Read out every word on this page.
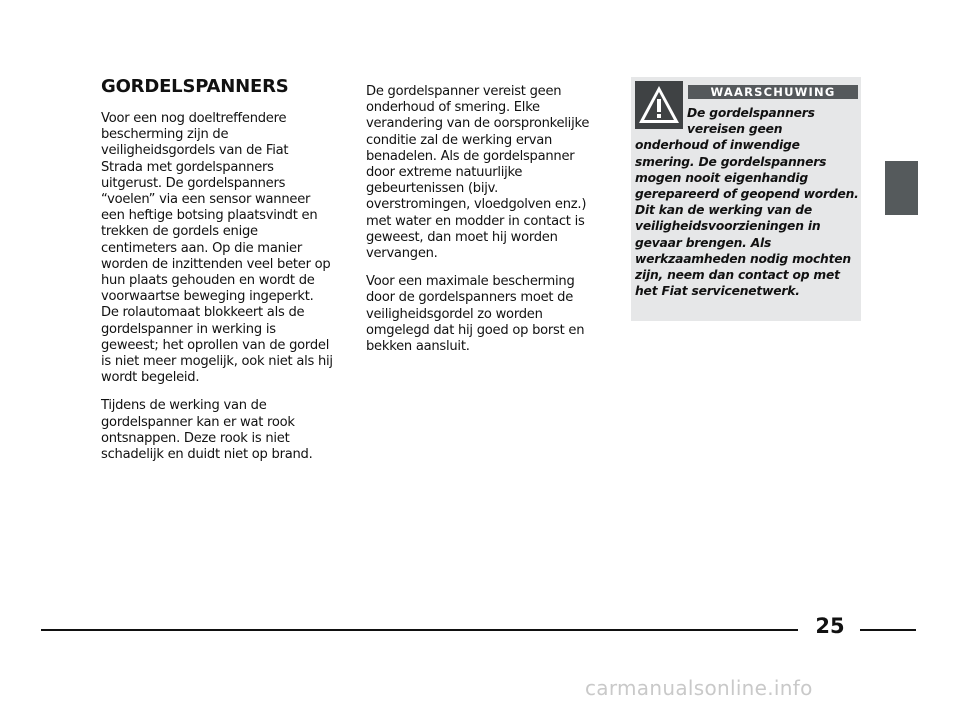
GORDELSPANNERS

Voor een nog doeltreffendere bescherming zijn de veiligheidsgordels van de Fiat Strada met gordelspanners uitgerust. De gordelspanners “voelen” via een sensor wanneer een heftige botsing plaatsvindt en trekken de gordels enige centimeters aan. Op die manier worden de inzittenden veel beter op hun plaats gehouden en wordt de voorwaartse beweging ingeperkt. De rolautomaat blokkeert als de gordelspanner in werking is geweest; het oprollen van de gordel is niet meer mogelijk, ook niet als hij wordt begeleid.

Tijdens de werking van de gordelspanner kan er wat rook ontsnappen. Deze rook is niet schadelijk en duidt niet op brand.

De gordelspanner vereist geen onderhoud of smering. Elke verandering van de oorspronkelijke conditie zal de werking ervan benadelen. Als de gordelspanner door extreme natuurlijke gebeurtenissen (bijv. overstromingen, vloedgolven enz.) met water en modder in contact is geweest, dan moet hij worden vervangen.

Voor een maximale bescherming door de gordelspanners moet de veiligheidsgordel zo worden omgelegd dat hij goed op borst en bekken aansluit.

WAARSCHUWING
De gordelspanners vereisen geen onderhoud of inwendige smering. De gordelspanners mogen nooit eigenhandig gerepareerd of geopend worden. Dit kan de werking van de veiligheidsvoorzieningen in gevaar brengen. Als werkzaamheden nodig mochten zijn, neem dan contact op met het Fiat servicenetwerk.
25
carmanualsonline.info
